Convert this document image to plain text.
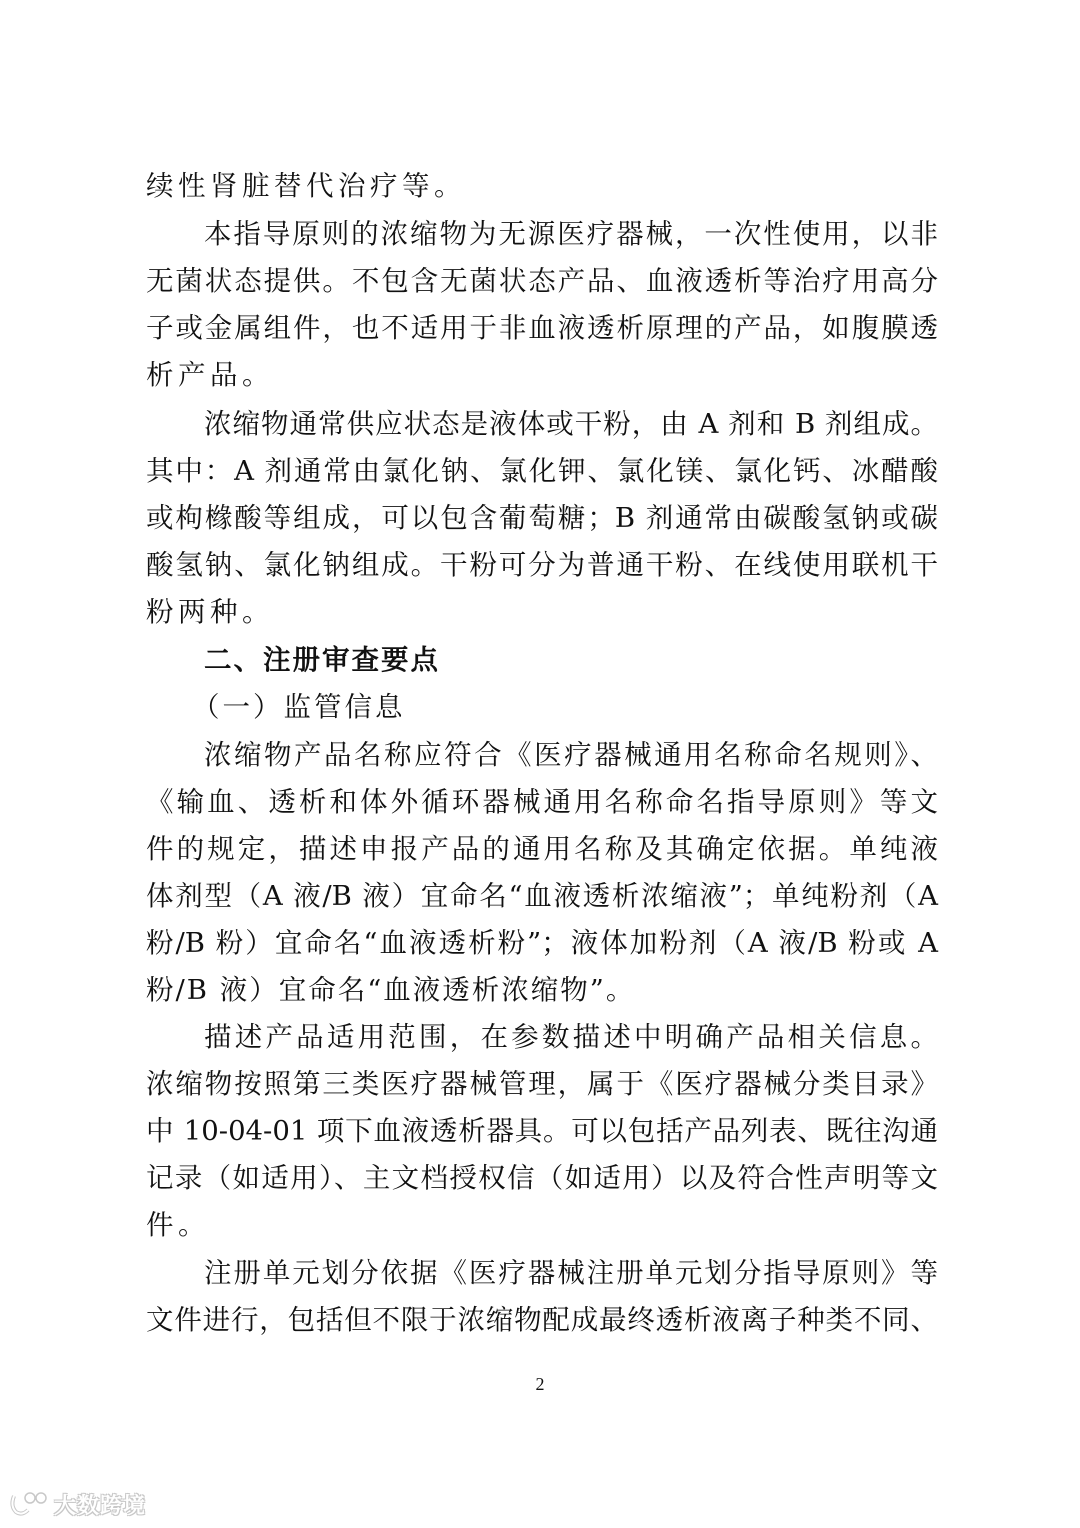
续性肾脏替代治疗等。
本指导原则的浓缩物为无源医疗器械，一次性使用，以非
无菌状态提供。不包含无菌状态产品、血液透析等治疗用高分
子或金属组件，也不适用于非血液透析原理的产品，如腹膜透
析产品。
浓缩物通常供应状态是液体或干粉，由 A 剂和 B 剂组成。
其中：A 剂通常由氯化钠、氯化钾、氯化镁、氯化钙、冰醋酸
或枸橼酸等组成，可以包含葡萄糖；B 剂通常由碳酸氢钠或碳
酸氢钠、氯化钠组成。干粉可分为普通干粉、在线使用联机干
粉两种。
二、注册审查要点
（一）监管信息
浓缩物产品名称应符合《医疗器械通用名称命名规则》、
《输血、透析和体外循环器械通用名称命名指导原则》等文
件的规定，描述申报产品的通用名称及其确定依据。单纯液
体剂型（A 液/B 液）宜命名“血液透析浓缩液”；单纯粉剂（A
粉/B 粉）宜命名“血液透析粉”；液体加粉剂（A 液/B 粉或 A
粉/B 液）宜命名“血液透析浓缩物”。
描述产品适用范围，在参数描述中明确产品相关信息。
浓缩物按照第三类医疗器械管理，属于《医疗器械分类目录》
中 10-04-01 项下血液透析器具。可以包括产品列表、既往沟通
记录（如适用）、主文档授权信（如适用）以及符合性声明等文
件。
注册单元划分依据《医疗器械注册单元划分指导原则》等
文件进行，包括但不限于浓缩物配成最终透析液离子种类不同、
2
大数跨境
